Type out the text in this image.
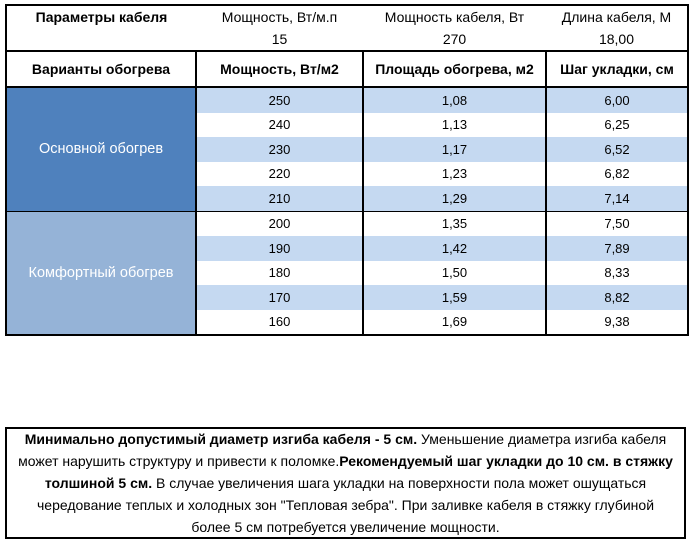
Параметры кабеля	Мощность, Вт/м.п	Мощность кабеля, Вт	Длина кабеля, М
	15	270	18,00
Варианты обогрева	Мощность, Вт/м2	Площадь обогрева, м2	Шаг укладки, см
Основной обогрев	250	1,08	6,00
	240	1,13	6,25
	230	1,17	6,52
	220	1,23	6,82
	210	1,29	7,14
Комфортный обогрев	200	1,35	7,50
	190	1,42	7,89
	180	1,50	8,33
	170	1,59	8,82
	160	1,69	9,38
Минимально допустимый диаметр изгиба кабеля - 5 см. Уменьшение диаметра изгиба кабеля может нарушить структуру и привести к поломке.Рекомендуемый шаг укладки до 10 см. в стяжку толшиной 5 см. В случае увеличения шага укладки на поверхности пола может ошущаться чередование теплых и холодных зон "Тепловая зебра". При заливке кабеля в стяжку глубиной более 5 см потребуется увеличение мощности.
